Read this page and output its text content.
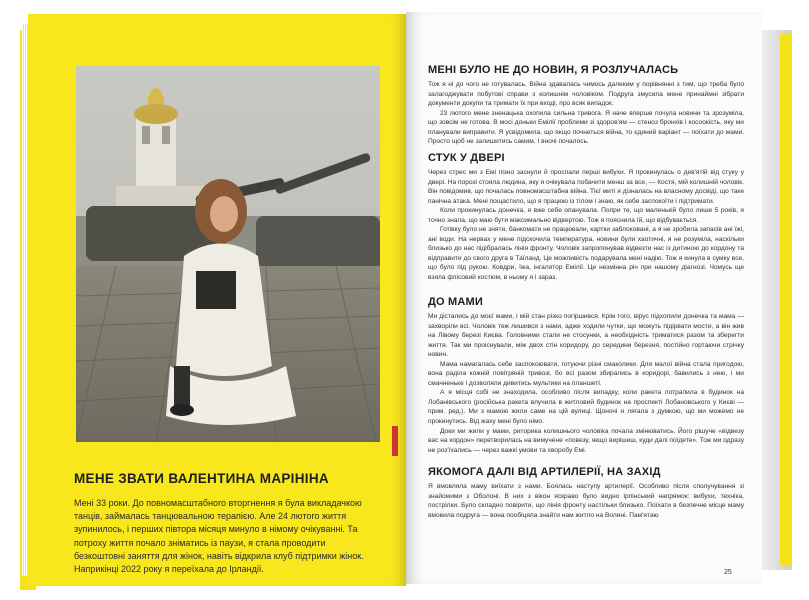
МЕНЕ ЗВАТИ ВАЛЕНТИНА МАРІНІНА
Мені 33 роки. До повномасштабного вторгнення я була викладачкою танців, займалась танцювальною терапією. Але 24 лютого життя зупинилось, і перших півтора місяця минуло в німому очікуванні. Та потроху життя почало зніматись із паузи, я стала проводити безкоштовні заняття для жінок, навіть відкрила клуб підтримки жінок. Наприкінці 2022 року я переїхала до Ірландії.
МЕНІ БУЛО НЕ ДО НОВИН, Я РОЗЛУЧАЛАСЬ

Тож я ні до чого не готувалась. Війна здавалась чимось далеким у порівнянні з тим, що треба було залагоджувати побутові справи з колишнім чоловіком. Подруга змусила мене принаймні зібрати документи докупи та тримати їх при вході, про всяк випадок.

23 лютого мене зненацька охопила сильна тривога. Я наче вперше почула новини та зрозуміла, що зовсім не готова. В мосі доньки Емілії проблеми зі здоров'ям — стеноз бронхів і косоокість, яку ми планували виправити. Я усвідомила, що якщо почнеться війна, то єдиний варіант — поїхати до мами. Просто щоб не залишитись самим. І вночі почалось.

СТУК У ДВЕРІ

Через стрес ми з Емі пізно заснули й проспали перші вибухи. Я прокинулась о дев'ятій від стуку у двері. На порозі стояла людина, яку я очікувала побачити менш за все, — Костя, мій колишній чоловік. Він повідомив, що почалась повномасштабна війна. Тієї миті я дізналась на власному досвіді, що таке панічна атака. Мені пощастило, що я працюю із тілом і знаю, як себе заспокоїти і підтримати.

Коли прокинулась донечка, я вже себе опанувала. Попри те, що маленькій було лише 5 років, я точно знала, що маю бути максимально відвертою. Тож я пояснила їй, що відбувається.

Готівку було не зняти, банкомати не працювали, картки заблоковані, а я не зробила запасів ані їжі, ані води. На нервах у мене підскочила температура, новини були хаотичні, я не розуміла, наскільки близько до нас підібралась лінія фронту. Чоловік запропонував відвезти нас із дитиною до кордону та відправити до свого друга в Таїланд. Це можливість подарувала мені надію. Тож я кинула в сумку все, що було під рукою. Ковдри, їжа, інгалятор Емілії. Це незмінна річ при нашому діагнозі. Чомусь ще взяла флісовий костюм, в ньому я і зараз.

ДО МАМИ

Ми дістались до моєї мами, і мій стан різко погіршився. Крім того, вірус підхопили донечка та мама — захворіли всі. Чоловік теж лишився з нами, адже ходили чутки, що можуть підірвати мости, а він жив на Лівому березі Києва. Головними стали не стосунки, а необхідність триматися разом та зберегти життя. Так ми проіснували, між двох стін коридору, до середини березня, постійно гортаючи стрічку новин.

Мама намагалась себе заспокоювати, готуючи різні смаколики. Для малої війна стала пригодою, вона раділа кожній повітряній тривозі, бо всі разом збирались в коридорі, бавились з нею, і ми смачненьке і дозволяли дивитись мультики на планшеті.

А я місця собі не знаходила, особливо після випадку, коли ракета потрапила в будинок на Лобанівського (російська ракета влучила в житловий будинок на проспекті Лобановського у Києві — прим. ред.). Ми з мамою жили саме на цій вулиці. Щоночі я лягала з думкою, що ми можемо не прокинутись. Від жаху мені було німо.

Доки ми жили у мами, риторика колишнього чоловіка почала змінюватись. Його рішуче «відвезу вас на кордон» перетворилась на вимучене «повезу, якщо вирішиш, куди далі поїдете». Тож ми одразу не роз'їхались — через важкі умови та хворобу Емі.

ЯКОМОГА ДАЛІ ВІД АРТИЛЕРІЇ, НА ЗАХІД

Я вмовляла маму виїхати з нами. Боялась наступу артилерії. Особливо після сполучування зі знайомими з Оболоні. В них з вікон яскраво було видно ірпінський напрямок: вибухи, техніка, пострілки. Було складно повірити, що лінія фронту настільки близько. Поїхати в безпечне місце маму вмовила подруга — вона пообіцяла знайти нам житло на Волині. Пам'ятаю

25
